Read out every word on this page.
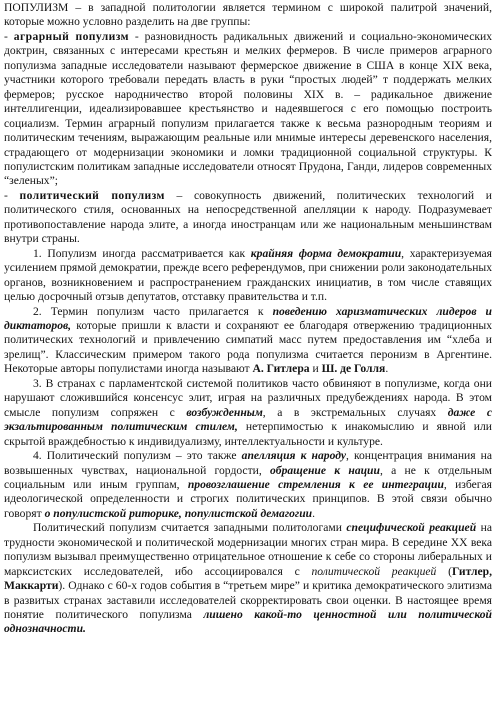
ПОПУЛИЗМ – в западной политологии является термином с широкой палитрой значений, которые можно условно разделить на две группы:

- аграрный популизм - разновидность радикальных движений и социально-экономических доктрин, связанных с интересами крестьян и мелких фермеров. В числе примеров аграрного популизма западные исследователи называют фермерское движение в США в конце XIX века, участники которого требовали передать власть в руки “простых людей” т поддержать мелких фермеров; русское народничество второй половины XIX в. – радикальное движение интеллигенции, идеализировавшее крестьянство и надеявшегося с его помощью построить социализм. Термин аграрный популизм прилагается также к весьма разнородным теориям и политическим течениям, выражающим реальные или мнимые интересы деревенского населения, страдающего от модернизации экономики и ломки традиционной социальной структуры. К популистским политикам западные исследователи относят Прудона, Ганди, лидеров современных “зеленых”;

- политический популизм – совокупность движений, политических технологий и политического стиля, основанных на непосредственной апелляции к народу. Подразумевает противопоставление народа элите, а иногда иностранцам или же национальным меньшинствам внутри страны.

1. Популизм иногда рассматривается как крайняя форма демократии, характеризуемая усилением прямой демократии, прежде всего референдумов, при снижении роли законодательных органов, возникновением и распространением гражданских инициатив, в том числе ставящих целью досрочный отзыв депутатов, отставку правительства и т.п.

2. Термин популизм часто прилагается к поведению харизматических лидеров и диктаторов, которые пришли к власти и сохраняют ее благодаря отвержению традиционных политических технологий и привлечению симпатий масс путем предоставления им “хлеба и зрелищ”. Классическим примером такого рода популизма считается перонизм в Аргентине. Некоторые авторы популистами иногда называют А. Гитлера и Ш. де Голля.

3. В странах с парламентской системой политиков часто обвиняют в популизме, когда они нарушают сложившийся консенсус элит, играя на различных предубеждениях народа. В этом смысле популизм сопряжен с возбужденным, а в экстремальных случаях даже с экзальтированным политическим стилем, нетерпимостью к инакомыслию и явной или скрытой враждебностью к индивидуализму, интеллектуальности и культуре.

4. Политический популизм – это также апелляция к народу, концентрация внимания на возвышенных чувствах, национальной гордости, обращение к нации, а не к отдельным социальным или иным группам, провозглашение стремления к ее интеграции, избегая идеологической определенности и строгих политических принципов. В этой связи обычно говорят о популистской риторике, популистской демагогии.

Политический популизм считается западными политологами специфической реакцией на трудности экономической и политической модернизации многих стран мира. В середине XX века популизм вызывал преимущественно отрицательное отношение к себе со стороны либеральных и марксистских исследователей, ибо ассоциировался с политической реакцией (Гитлер, Маккарти). Однако с 60-х годов события в “третьем мире” и критика демократического элитизма в развитых странах заставили исследователей скорректировать свои оценки. В настоящее время понятие политического популизма лишено какой-то ценностной или политической однозначности.
